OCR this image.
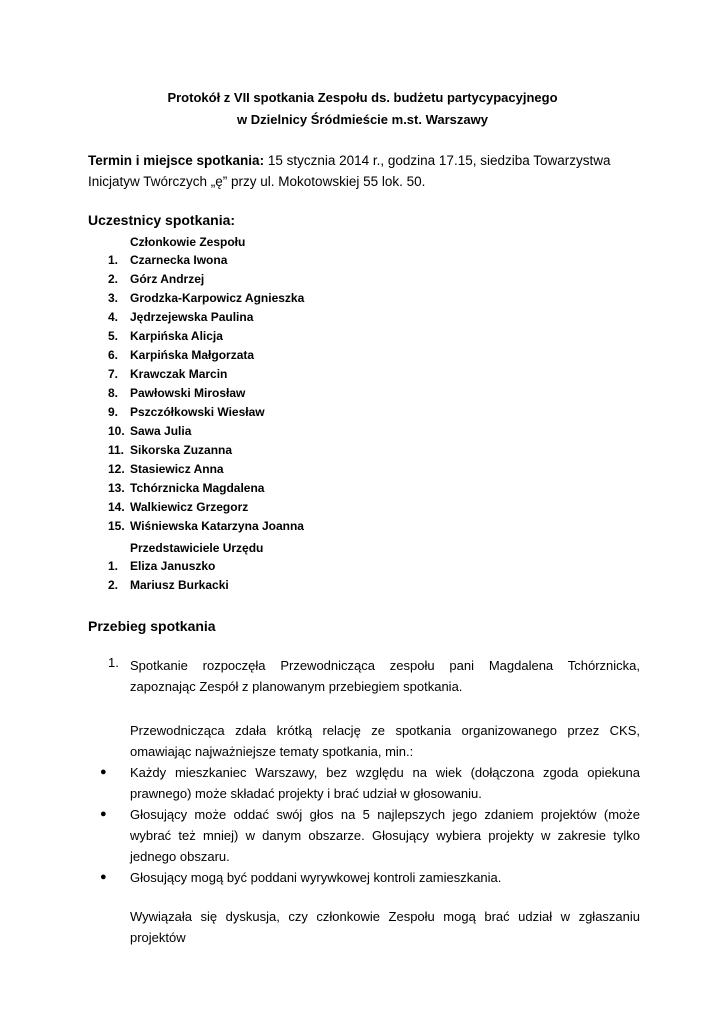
Protokół z VII spotkania Zespołu ds. budżetu partycypacyjnego
w Dzielnicy Śródmieście m.st. Warszawy
Termin i miejsce spotkania: 15 stycznia 2014 r., godzina 17.15, siedziba Towarzystwa Inicjatyw Twórczych „ę” przy ul. Mokotowskiej 55 lok. 50.
Uczestnicy spotkania:
Członkowie Zespołu
1. Czarnecka Iwona
2. Górz Andrzej
3. Grodzka-Karpowicz Agnieszka
4. Jędrzejewska Paulina
5. Karpińska Alicja
6. Karpińska Małgorzata
7. Krawczak Marcin
8. Pawłowski Mirosław
9. Pszczółkowski Wiesław
10. Sawa Julia
11. Sikorska Zuzanna
12. Stasiewicz Anna
13. Tchórznicka Magdalena
14. Walkiewicz Grzegorz
15. Wiśniewska Katarzyna Joanna
Przedstawiciele Urzędu
1. Eliza Januszko
2. Mariusz Burkacki
Przebieg spotkania
1. Spotkanie rozpoczęła Przewodnicząca zespołu pani Magdalena Tchórznicka, zapoznając Zespół z planowanym przebiegiem spotkania.
Przewodnicząca zdała krótką relację ze spotkania organizowanego przez CKS, omawiając najważniejsze tematy spotkania, min.:
●	Każdy mieszkaniec Warszawy, bez względu na wiek (dołączona zgoda opiekuna prawnego) może składać projekty i brać udział w głosowaniu.
●	Głosujący może oddać swój głos na 5 najlepszych jego zdaniem projektów (może wybrać też mniej) w danym obszarze. Głosujący wybiera projekty w zakresie tylko jednego obszaru.
●	Głosujący mogą być poddani wyrywkowej kontroli zamieszkania.
Wywiązała się dyskusja, czy członkowie Zespołu mogą brać udział w zgłaszaniu projektów
